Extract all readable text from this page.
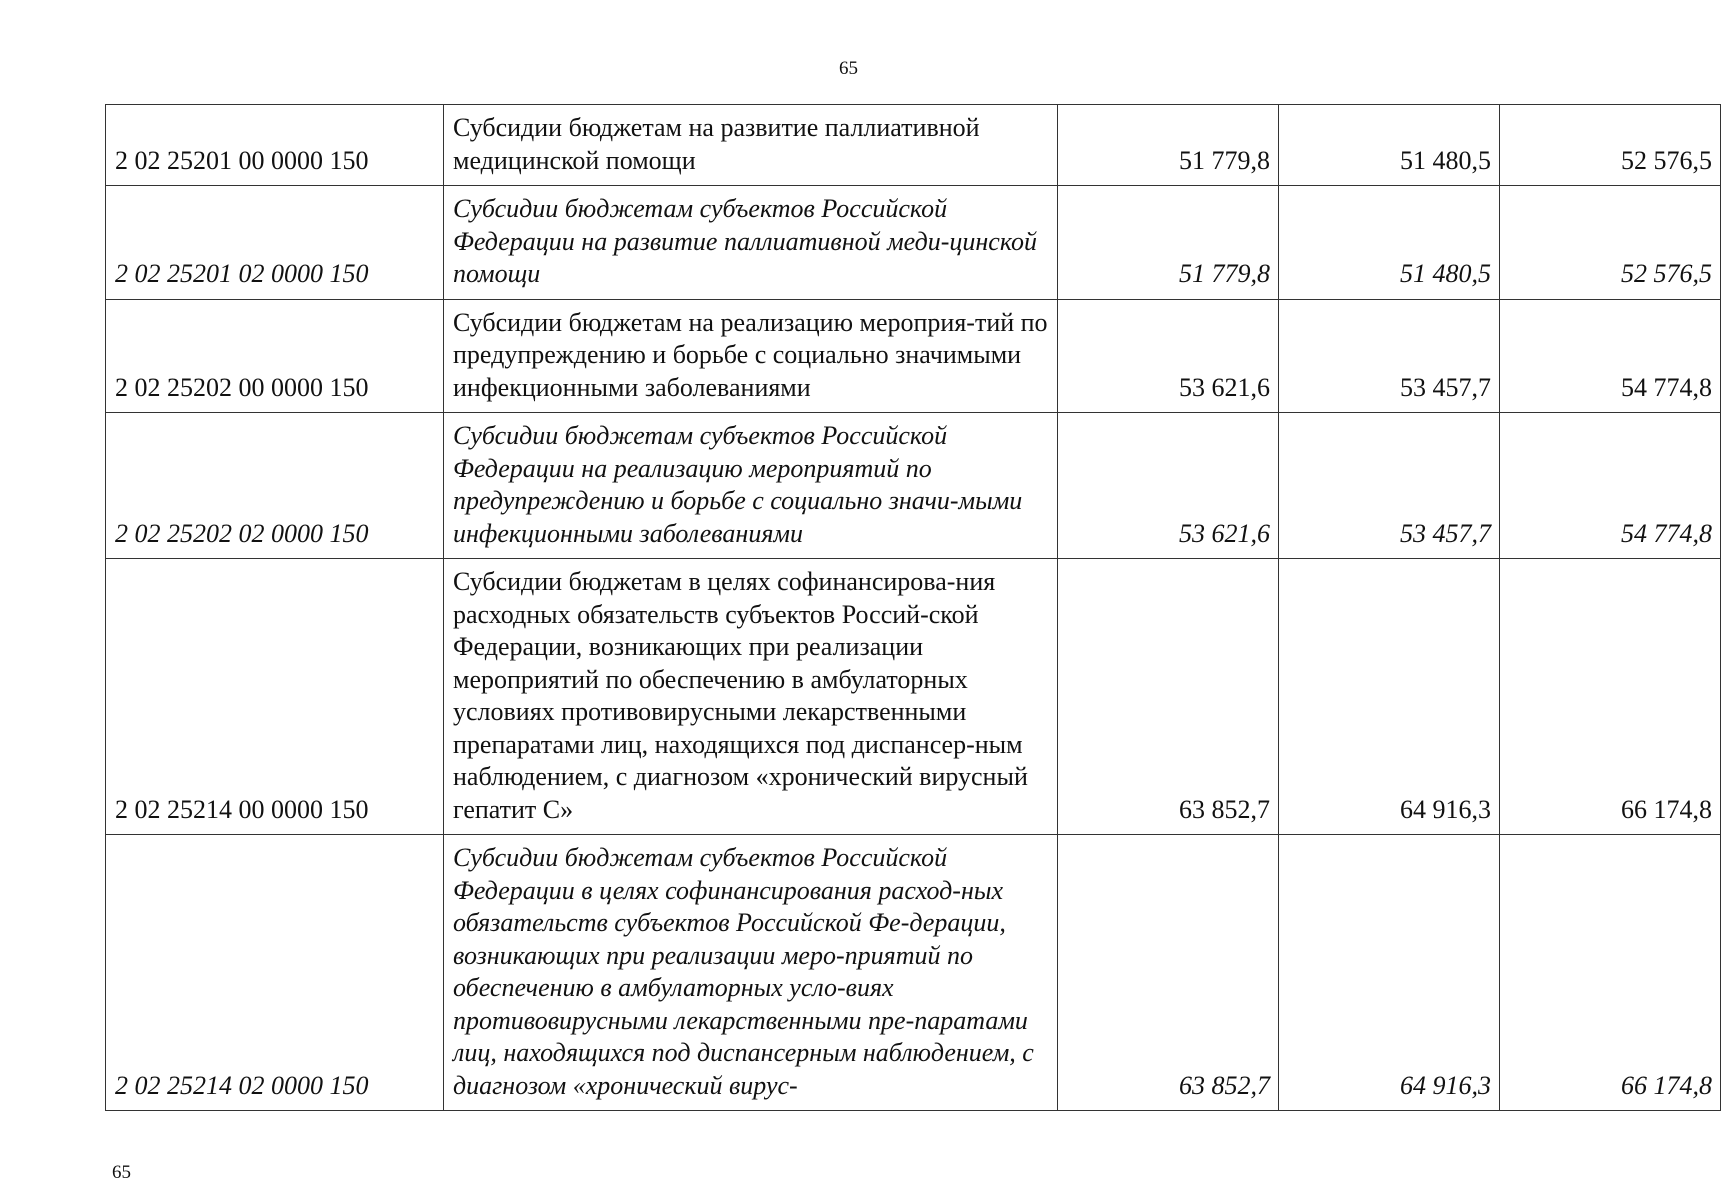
65
2 02 25201 00 0000 150	Субсидии бюджетам на развитие паллиативной медицинской помощи	51 779,8	51 480,5	52 576,5
2 02 25201 02 0000 150	Субсидии бюджетам субъектов Российской Федерации на развитие паллиативной меди-цинской помощи	51 779,8	51 480,5	52 576,5
2 02 25202 00 0000 150	Субсидии бюджетам на реализацию мероприя-тий по предупреждению и борьбе с социально значимыми инфекционными заболеваниями	53 621,6	53 457,7	54 774,8
2 02 25202 02 0000 150	Субсидии бюджетам субъектов Российской Федерации на реализацию мероприятий по предупреждению и борьбе с социально значи-мыми инфекционными заболеваниями	53 621,6	53 457,7	54 774,8
2 02 25214 00 0000 150	Субсидии бюджетам в целях софинансирова-ния расходных обязательств субъектов Россий-ской Федерации, возникающих при реализации мероприятий по обеспечению в амбулаторных условиях противовирусными лекарственными препаратами лиц, находящихся под диспансер-ным наблюдением, с диагнозом «хронический вирусный гепатит С»	63 852,7	64 916,3	66 174,8
2 02 25214 02 0000 150	Субсидии бюджетам субъектов Российской Федерации в целях софинансирования расход-ных обязательств субъектов Российской Фе-дерации, возникающих при реализации меро-приятий по обеспечению в амбулаторных усло-виях противовирусными лекарственными пре-паратами лиц, находящихся под диспансерным наблюдением, с диагнозом «хронический вирус-	63 852,7	64 916,3	66 174,8
65
